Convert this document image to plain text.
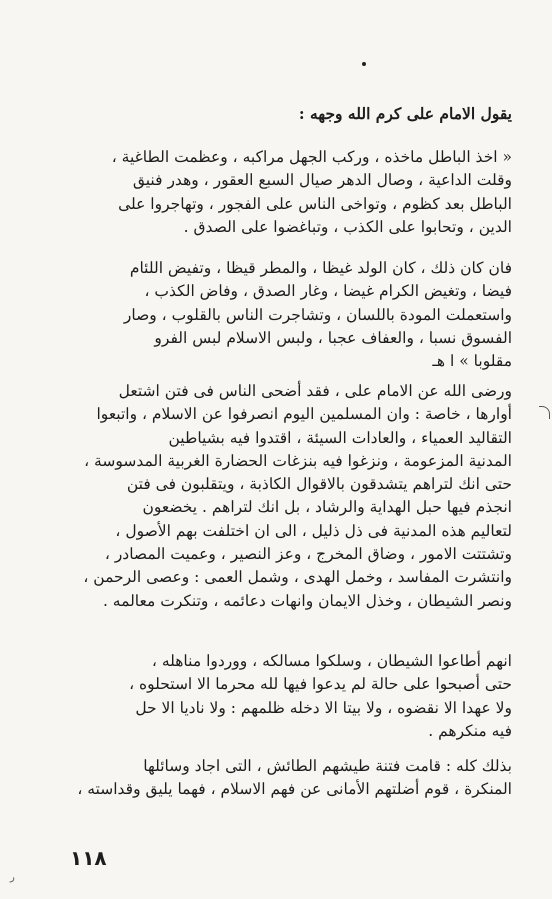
يقول الامام على كرم الله وجهه :
« اخذ الباطل ماخذه ، وركب الجهل مراكبه ، وعظمت الطاغية ،
وقلت الداعية ، وصال الدهر صيال السبع العقور ، وهدر فنيق
الباطل بعد كظوم ، وتواخى الناس على الفجور ، وتهاجروا على
الدين ، وتحابوا على الكذب ، وتباغضوا على الصدق .
فان كان ذلك ، كان الولد غيظا ، والمطر قيظا ، وتفيض اللئام
فيضا ، وتغيض الكرام غيضا ، وغار الصدق ، وفاض الكذب ،
واستعملت المودة باللسان ، وتشاجرت الناس بالقلوب ، وصار
الفسوق نسبا ، والعفاف عجبا ، ولبس الاسلام لبس الفرو
مقلوبا » ا هـ
ورضى الله عن الامام على ، فقد أضحى الناس فى فتن اشتعل
أوارها ، خاصة : وان المسلمين اليوم انصرفوا عن الاسلام ، واتبعوا
التقاليد العمياء ، والعادات السيئة ، اقتدوا فيه بشياطين
المدنية المزعومة ، ونزغوا فيه بنزغات الحضارة الغربية المدسوسة ،
حتى انك لتراهم يتشدقون بالاقوال الكاذبة ، ويتقلبون فى فتن
انجذم فيها حبل الهداية والرشاد ، بل انك لتراهم . يخضعون
لتعاليم هذه المدنية فى ذل ذليل ، الى ان اختلفت بهم الأصول ،
وتشتتت الامور ، وضاق المخرج ، وعز النصير ، وعميت المصادر ،
وانتشرت المفاسد ، وخمل الهدى ، وشمل العمى : وعصى الرحمن ،
ونصر الشيطان ، وخذل الايمان وانهات دعائمه ، وتنكرت معالمه .
انهم أطاعوا الشيطان ، وسلكوا مسالكه ، ووردوا مناهله ،
حتى أصبحوا على حالة لم يدعوا فيها لله محرما الا استحلوه ،
ولا عهدا الا نقضوه ، ولا بيتا الا دخله ظلمهم : ولا ناديا الا حل
فيه منكرهم .
بذلك كله : قامت فتنة طيشهم الطائش ، التى اجاد وسائلها
المنكرة ، قوم أضلتهم الأمانى عن فهم الاسلام ، فهما يليق وقداسته ،
١١٨
ر
